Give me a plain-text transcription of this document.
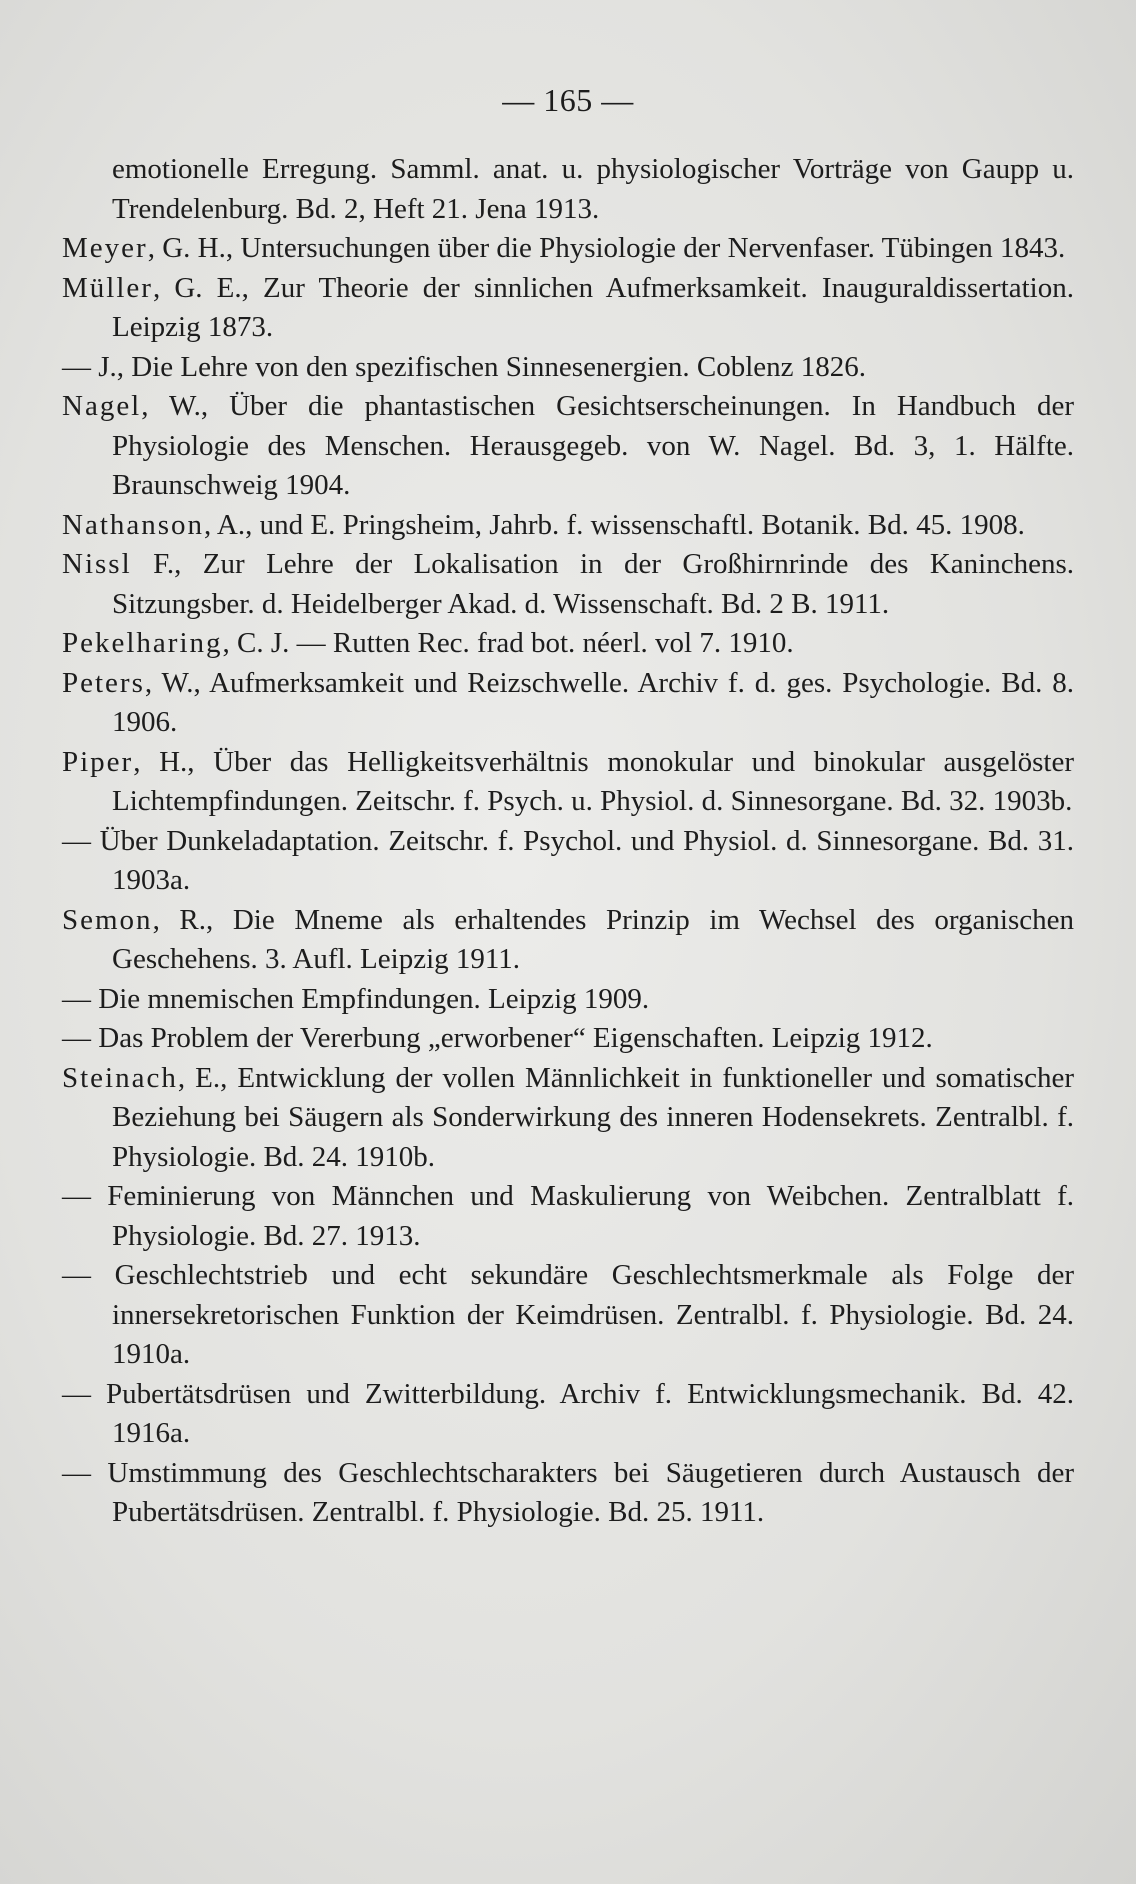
— 165 —

emotionelle Erregung. Samml. anat. u. physiologischer Vorträge von Gaupp u. Trendelenburg. Bd. 2, Heft 21. Jena 1913.

Meyer, G. H., Untersuchungen über die Physiologie der Nervenfaser. Tübingen 1843.

Müller, G. E., Zur Theorie der sinnlichen Aufmerksamkeit. Inauguraldissertation. Leipzig 1873.

— J., Die Lehre von den spezifischen Sinnesenergien. Coblenz 1826.

Nagel, W., Über die phantastischen Gesichtserscheinungen. In Handbuch der Physiologie des Menschen. Herausgegeb. von W. Nagel. Bd. 3, 1. Hälfte. Braunschweig 1904.

Nathanson, A., und E. Pringsheim, Jahrb. f. wissenschaftl. Botanik. Bd. 45. 1908.

Nissl F., Zur Lehre der Lokalisation in der Großhirnrinde des Kaninchens. Sitzungsber. d. Heidelberger Akad. d. Wissenschaft. Bd. 2 B. 1911.

Pekelharing, C. J. — Rutten Rec. frad bot. néerl. vol 7. 1910.

Peters, W., Aufmerksamkeit und Reizschwelle. Archiv f. d. ges. Psychologie. Bd. 8. 1906.

Piper, H., Über das Helligkeitsverhältnis monokular und binokular ausgelöster Lichtempfindungen. Zeitschr. f. Psych. u. Physiol. d. Sinnesorgane. Bd. 32. 1903b.

— Über Dunkeladaptation. Zeitschr. f. Psychol. und Physiol. d. Sinnesorgane. Bd. 31. 1903a.

Semon, R., Die Mneme als erhaltendes Prinzip im Wechsel des organischen Geschehens. 3. Aufl. Leipzig 1911.

— Die mnemischen Empfindungen. Leipzig 1909.

— Das Problem der Vererbung „erworbener“ Eigenschaften. Leipzig 1912.

Steinach, E., Entwicklung der vollen Männlichkeit in funktioneller und somatischer Beziehung bei Säugern als Sonderwirkung des inneren Hodensekrets. Zentralbl. f. Physiologie. Bd. 24. 1910b.

— Feminierung von Männchen und Maskulierung von Weibchen. Zentralblatt f. Physiologie. Bd. 27. 1913.

— Geschlechtstrieb und echt sekundäre Geschlechtsmerkmale als Folge der innersekretorischen Funktion der Keimdrüsen. Zentralbl. f. Physiologie. Bd. 24. 1910a.

— Pubertätsdrüsen und Zwitterbildung. Archiv f. Entwicklungsmechanik. Bd. 42. 1916a.

— Umstimmung des Geschlechtscharakters bei Säugetieren durch Austausch der Pubertätsdrüsen. Zentralbl. f. Physiologie. Bd. 25. 1911.
